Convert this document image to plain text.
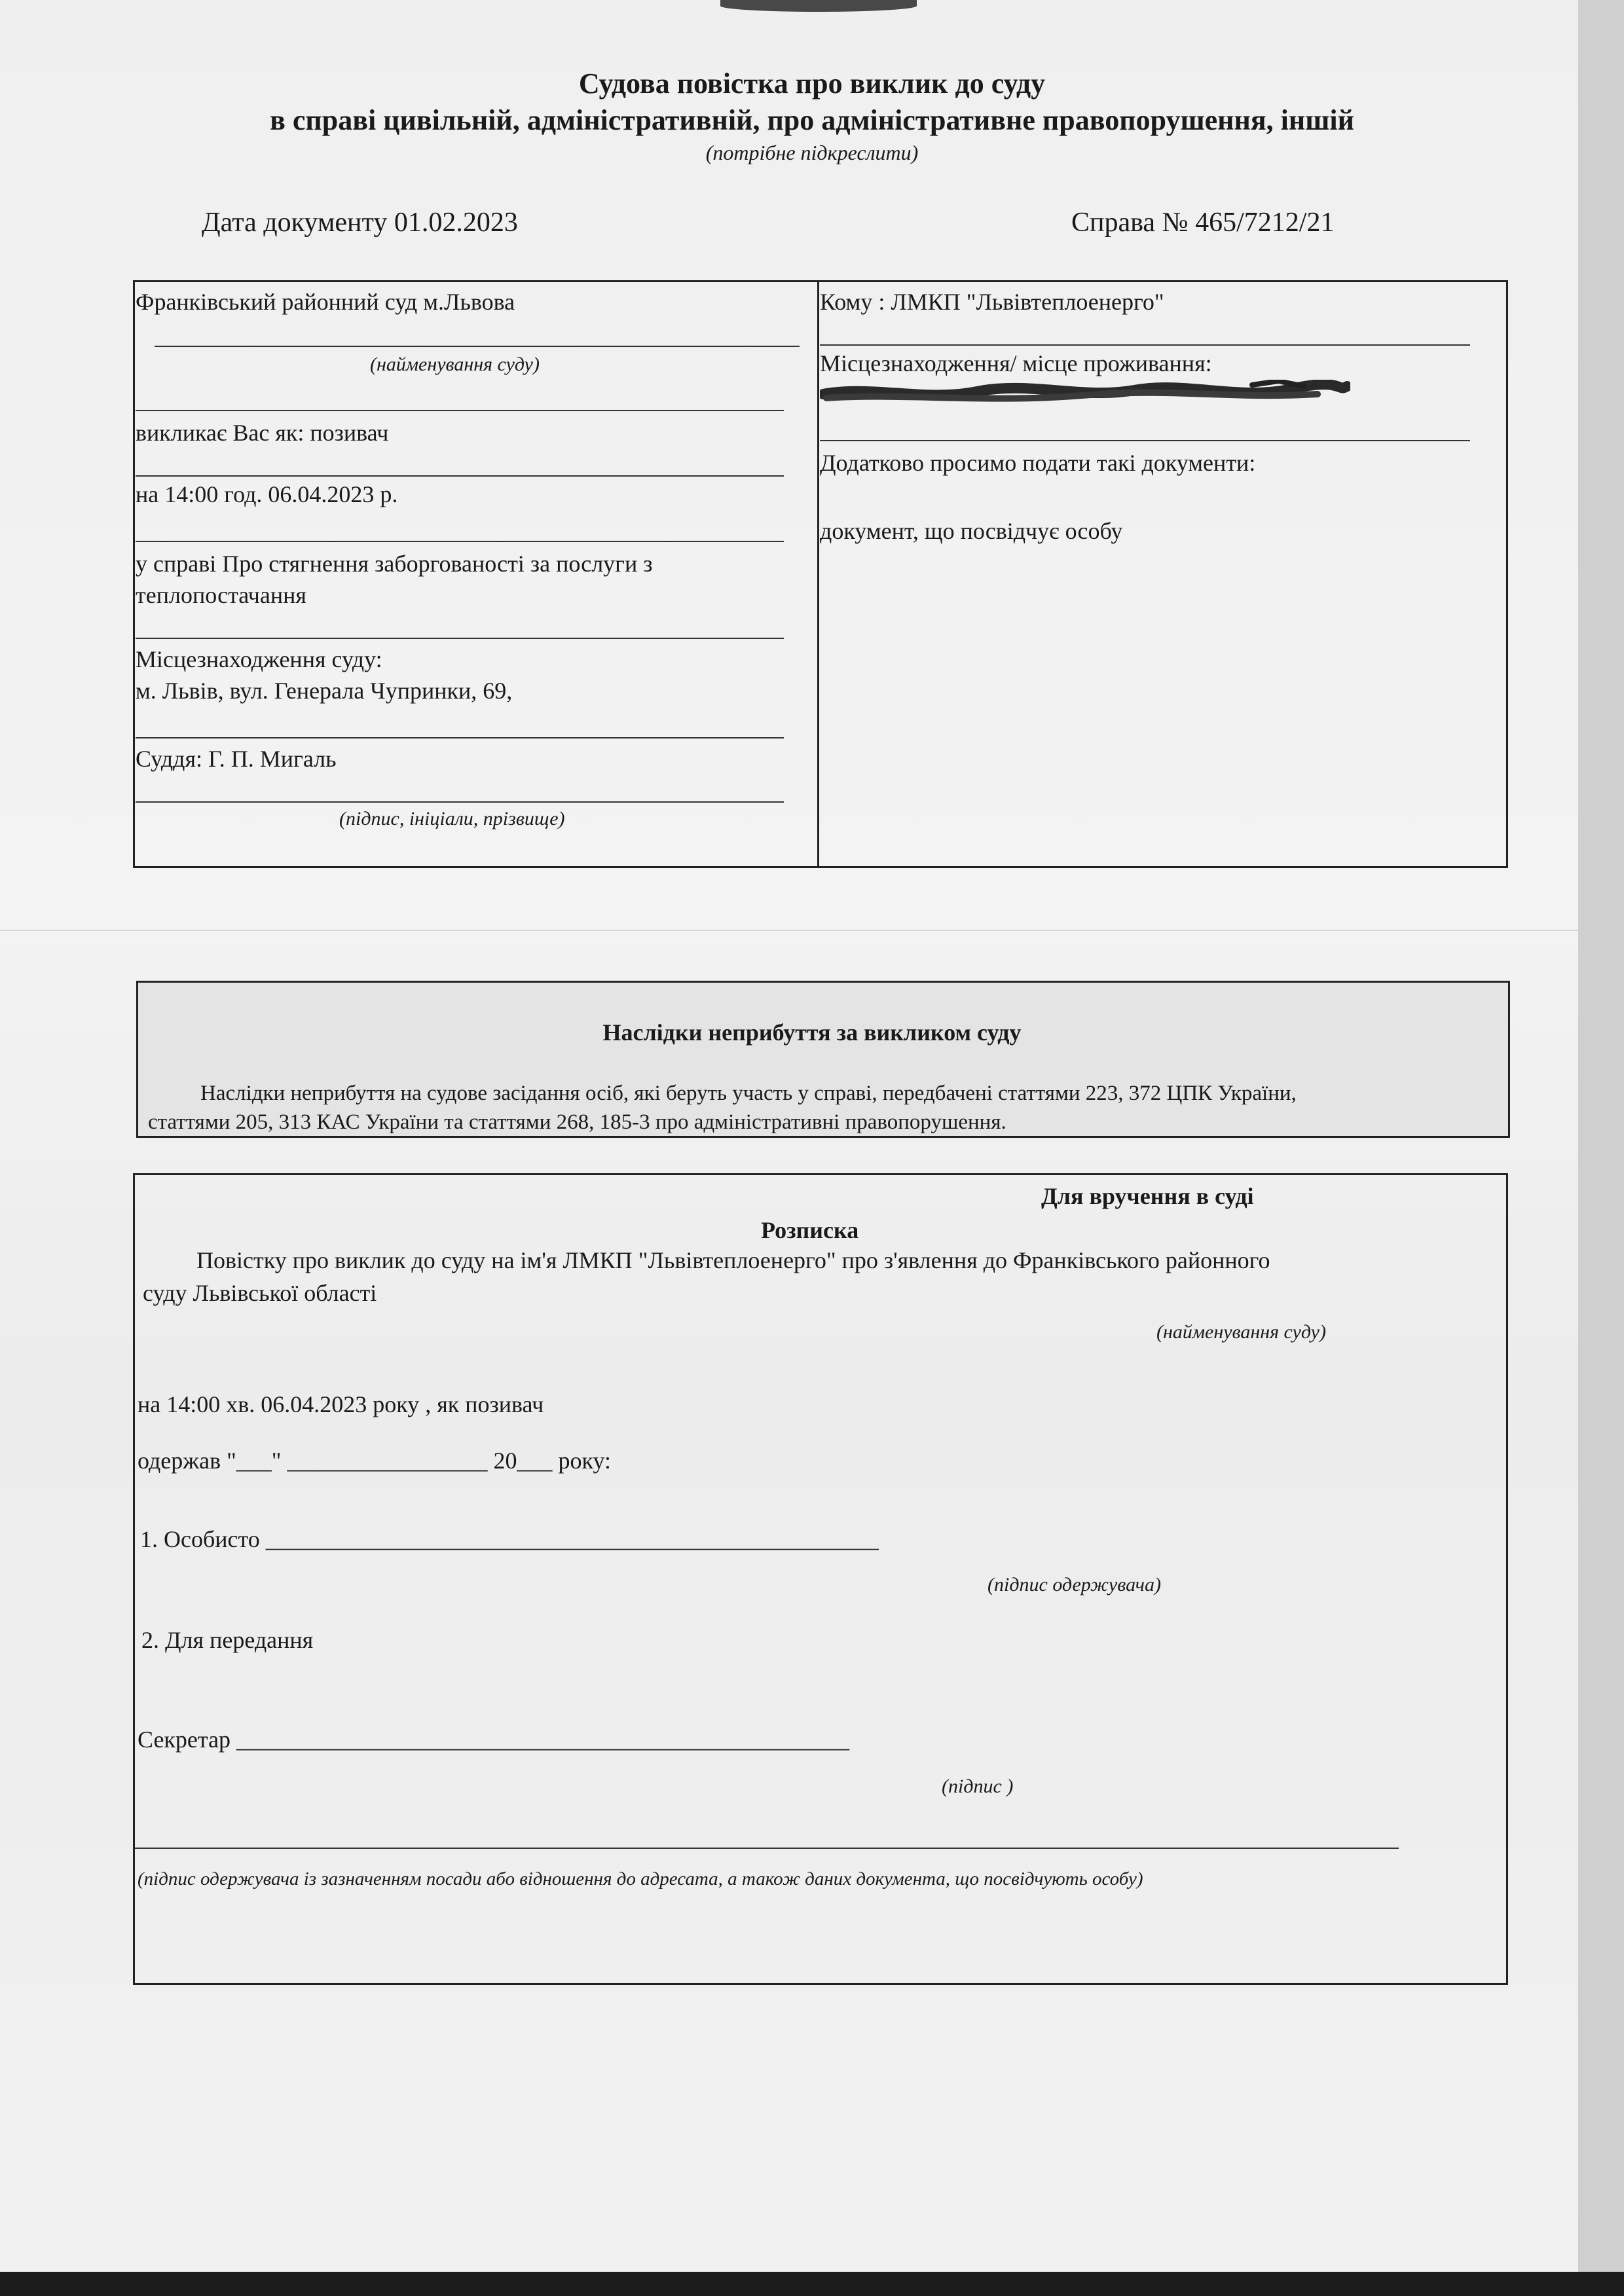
Судова повістка про виклик до суду
в справі цивільній, адміністративній, про адміністративне правопорушення, іншій
(потрібне підкреслити)
Дата документу 01.02.2023	Справа № 465/7212/21
Франківський районний суд м.Львова
(найменування суду)
викликає Вас як: позивач
на 14:00 год. 06.04.2023 р.
у справі Про стягнення заборгованості за послуги з
теплопостачання
Місцезнаходження суду:
м. Львів, вул. Генерала Чупринки, 69,
Суддя: Г. П. Мигаль
(підпис, ініціали, прізвище)
Кому : ЛМКП "Львівтеплоенерго"
Місцезнаходження/ місце проживання:
Додатково просимо подати такі документи:
документ, що посвідчує особу
Наслідки неприбуття за викликом суду
Наслідки неприбуття на судове засідання осіб, які беруть участь у справі, передбачені статтями 223, 372 ЦПК України,
статтями 205, 313 КАС України та статтями 268, 185-3 про адміністративні правопорушення.
Для вручення в суді
Розписка
Повістку про виклик до суду на ім'я ЛМКП "Львівтеплоенерго" про з'явлення до Франківського районного
суду Львівської області
(найменування суду)
на 14:00 хв. 06.04.2023 року , як позивач
одержав "___" _________________ 20___ року:
1. Особисто ____________________________________________________
(підпис одержувача)
2. Для передання
Секретар ____________________________________________________
(підпис )
(підпис одержувача із зазначенням посади або відношення до адресата, а також даних документа, що посвідчують особу)
